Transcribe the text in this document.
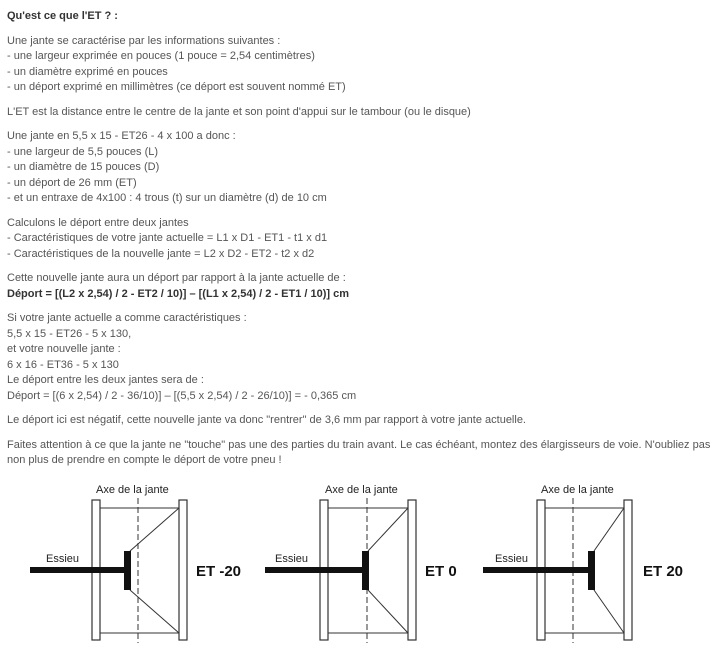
Qu'est ce que l'ET ? :

Une jante se caractérise par les informations suivantes :

- une largeur exprimée en pouces (1 pouce = 2,54 centimètres)

- un diamètre exprimé en pouces

- un déport exprimé en millimètres (ce déport est souvent nommé ET)

L'ET est la distance entre le centre de la jante et son point d'appui sur le tambour (ou le disque)

Une jante en 5,5 x 15 - ET26 - 4 x 100 a donc :

- une largeur de 5,5 pouces (L)

- un diamètre de 15 pouces (D)

- un déport de 26 mm (ET)

- et un entraxe de 4x100 : 4 trous (t) sur un diamètre (d) de 10 cm

Calculons le déport entre deux jantes

- Caractéristiques de votre jante actuelle = L1 x D1 - ET1 - t1 x d1

- Caractéristiques de la nouvelle jante = L2 x D2 - ET2 - t2 x d2

Cette nouvelle jante aura un déport par rapport à la jante actuelle de :

Déport = [(L2 x 2,54) / 2 - ET2 / 10)] – [(L1 x 2,54) / 2 - ET1 / 10)] cm

Si votre jante actuelle a comme caractéristiques :

5,5 x 15 - ET26 - 5 x 130,

et votre nouvelle jante :

6 x 16 - ET36 - 5 x 130

Le déport entre les deux jantes sera de :

Déport = [(6 x 2,54) / 2 - 36/10)] – [(5,5 x 2,54) / 2 - 26/10)] = - 0,365 cm

Le déport ici est négatif, cette nouvelle jante va donc "rentrer" de 3,6 mm par rapport à votre jante actuelle.

Faites attention à ce que la jante ne "touche" pas une des parties du train avant. Le cas échéant, montez des élargisseurs de voie. N'oubliez pas

non plus de prendre en compte le déport de votre pneu !

Axe de la jante
Essieu
ET -20
Axe de la jante
Essieu
ET 0
Axe de la jante
Essieu
ET 20
